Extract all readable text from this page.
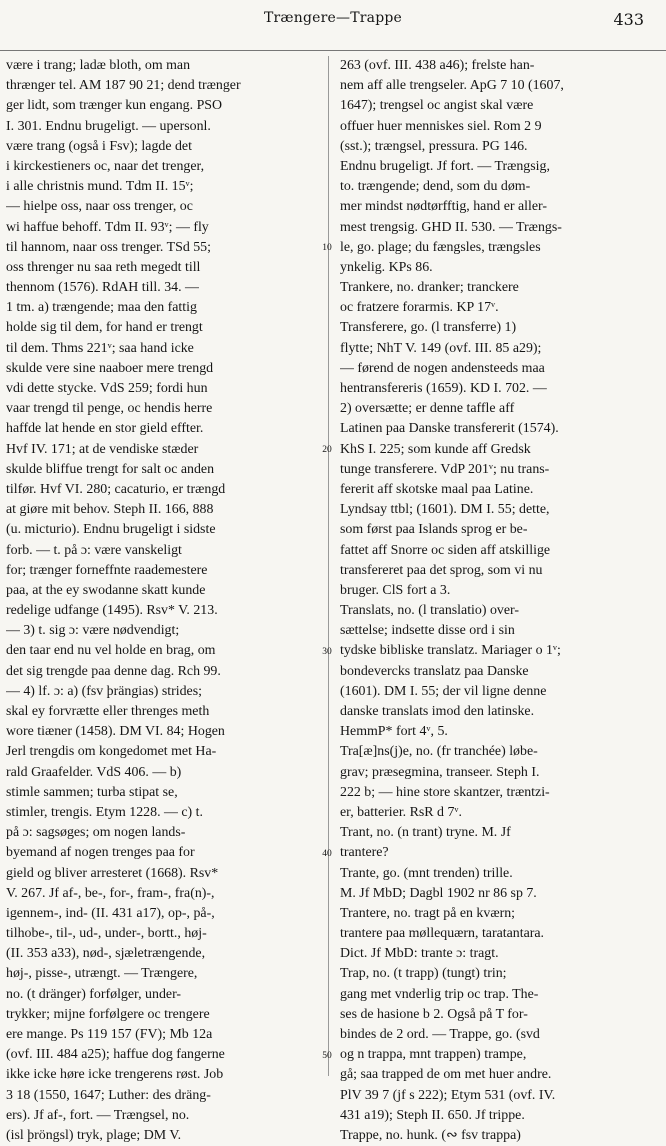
Trængere—Trappe	433
være i trang; ladæ bloth, om man
thrænger tel. AM 187 90 21; dend trænger
ger lidt, som trænger kun engang. PSO
I. 301. Endnu brugeligt. — upersonl.
være trang (også i Fsv); lagde det
i kirckestieners oc, naar det trenger,
i alle christnis mund. Tdm II. 15ᵛ;
— hielpe oss, naar oss trenger, oc
wi haffue behoff. Tdm II. 93ᵛ; — fly
til hannom, naar oss trenger. TSd 55;
oss threnger nu saa reth megedt till
thennom (1576). RdAH till. 34. —
1 tm. a) trængende; maa den fattig
holde sig til dem, for hand er trengt
til dem. Thms 221ᵛ; saa hand icke
skulde vere sine naaboer mere trengd
vdi dette stycke. VdS 259; fordi hun
vaar trengd til penge, oc hendis herre
haffde lat hende en stor gield effter.
Hvf IV. 171; at de vendiske stæder
skulde bliffue trengt for salt oc anden
tilfør. Hvf VI. 280; cacaturio, er trængd
at giøre mit behov. Steph II. 166, 888
(u. micturio). Endnu brugeligt i sidste
forb. — t. på ɔ: være vanskeligt
for; trænger forneffnte raademestere
paa, at the ey swodanne skatt kunde
redelige udfange (1495). Rsv* V. 213.
— 3) t. sig ɔ: være nødvendigt;
den taar end nu vel holde en brag, om
det sig trengde paa denne dag. Rch 99.
— 4) lf. ɔ: a) (fsv þrängias) strides;
skal ey forvrætte eller threnges meth
wore tiæner (1458). DM VI. 84; Hogen
Jerl trengdis om kongedomet met Ha-
rald Graafelder. VdS 406. — b)
stimle sammen; turba stipat se,
stimler, trengis. Etym 1228. — c) t.
på ɔ: sagsøges; om nogen lands-
byemand af nogen trenges paa for
gield og bliver arresteret (1668). Rsv*
V. 267. Jf af-, be-, for-, fram-, fra(n)-,
igennem-, ind- (II. 431 a17), op-, på-,
tilhobe-, til-, ud-, under-, bortt., høj-
(II. 353 a33), nød-, sjæletrængende,
høj-, pisse-, utrængt. — Trængere,
no. (t dränger) forfølger, under-
trykker; mijne forfølgere oc trengere
ere mange. Ps 119 157 (FV); Mb 12a
(ovf. III. 484 a25); haffue dog fangerne
ikke icke høre icke trengerens røst. Job
3 18 (1550, 1647; Luther: des dräng-
ers). Jf af-, fort. — Trængsel, no.
(isl þröngsl) tryk, plage; DM V.
263 (ovf. III. 438 a46); frelste han-
nem aff alle trengseler. ApG 7 10 (1607,
1647); trengsel oc angist skal være
offuer huer menniskes siel. Rom 2 9
(sst.); trængsel, pressura. PG 146.
Endnu brugeligt. Jf fort. — Trængsig,
to. trængende; dend, som du døm-
mer mindst nødtørfftig, hand er aller-
mest trengsig. GHD II. 530. — Trængs-
le, go. plage; du fængsles, trængsles
ynkelig. KPs 86.
Trankere, no. dranker; tranckere
oc fratzere forarmis. KP 17ᵛ.
Transferere, go. (l transferre) 1)
flytte; NhT V. 149 (ovf. III. 85 a29);
— førend de nogen andensteeds maa
hentransfereris (1659). KD I. 702. —
2) oversætte; er denne taffle aff
Latinen paa Danske transfererit (1574).
KhS I. 225; som kunde aff Gredsk
tunge transferere. VdP 201ᵛ; nu trans-
fererit aff skotske maal paa Latine.
Lyndsay ttbl; (1601). DM I. 55; dette,
som først paa Islands sprog er be-
fattet aff Snorre oc siden aff atskillige
transfereret paa det sprog, som vi nu
bruger. ClS fort a 3.
Translats, no. (l translatio) over-
sættelse; indsette disse ord i sin
tydske bibliske translatz. Mariager o 1ᵛ;
bondevercks translatz paa Danske
(1601). DM I. 55; der vil ligne denne
danske translats imod den latinske.
HemmP* fort 4ᵛ, 5.
Tra[æ]ns(j)e, no. (fr tranchée) løbe-
grav; præsegmina, transeer. Steph I.
222 b; — hine store skantzer, træntzi-
er, batterier. RsR d 7ᵛ.
Trant, no. (n trant) tryne. M. Jf
trantere?
Trante, go. (mnt trenden) trille.
M. Jf MbD; Dagbl 1902 nr 86 sp 7.
Trantere, no. tragt på en kværn;
trantere paa møllequærn, taratantara.
Dict. Jf MbD: trante ɔ: tragt.
Trap, no. (t trapp) (tungt) trin;
gang met vnderlig trip oc trap. The-
ses de hasione b 2. Også på T for-
bindes de 2 ord. — Trappe, go. (svd
og n trappa, mnt trappen) trampe,
gå; saa trapped de om met huer andre.
PlV 39 7 (jf s 222); Etym 531 (ovf. IV.
431 a19); Steph II. 650. Jf trippe.
Trappe, no. hunk. (∾ fsv trappa)
10
20
30
40
50
